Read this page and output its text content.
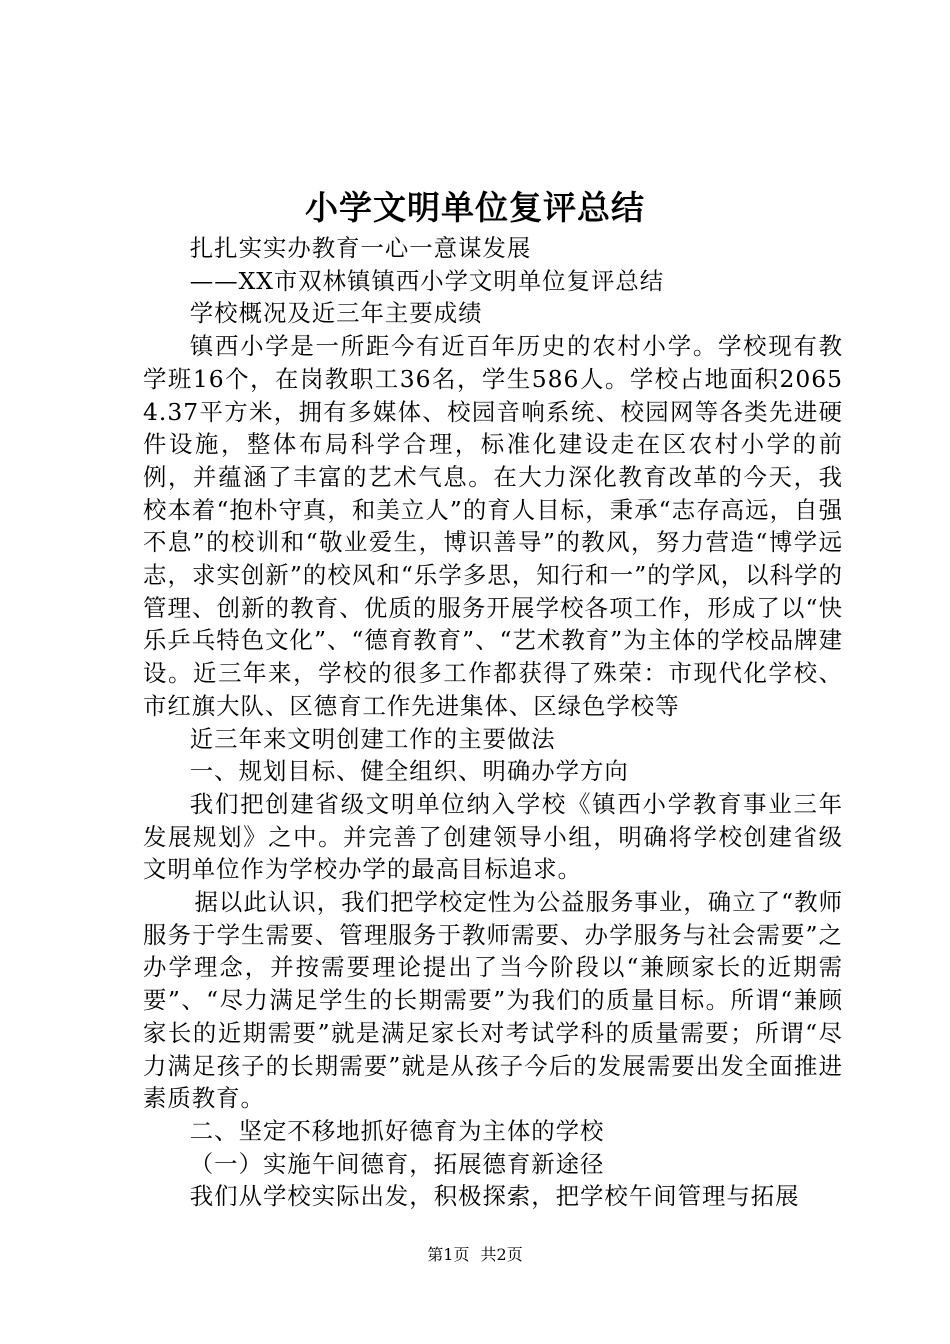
小学文明单位复评总结

扎扎实实办教育一心一意谋发展

——XX市双林镇镇西小学文明单位复评总结

学校概况及近三年主要成绩

镇西小学是一所距今有近百年历史的农村小学。学校现有教学班16个，在岗教职工36名，学生586人。学校占地面积20654.37平方米，拥有多媒体、校园音响系统、校园网等各类先进硬件设施，整体布局科学合理，标准化建设走在区农村小学的前例，并蕴涵了丰富的艺术气息。在大力深化教育改革的今天，我校本着“抱朴守真，和美立人”的育人目标，秉承“志存高远，自强不息”的校训和“敬业爱生，博识善导”的教风，努力营造“博学远志，求实创新”的校风和“乐学多思，知行和一”的学风，以科学的管理、创新的教育、优质的服务开展学校各项工作，形成了以“快乐乒乓特色文化”、“德育教育”、“艺术教育”为主体的学校品牌建设。近三年来，学校的很多工作都获得了殊荣：市现代化学校、市红旗大队、区德育工作先进集体、区绿色学校等

近三年来文明创建工作的主要做法

一、规划目标、健全组织、明确办学方向

我们把创建省级文明单位纳入学校《镇西小学教育事业三年发展规划》之中。并完善了创建领导小组，明确将学校创建省级文明单位作为学校办学的最高目标追求。

据以此认识，我们把学校定性为公益服务事业，确立了“教师服务于学生需要、管理服务于教师需要、办学服务与社会需要”之办学理念，并按需要理论提出了当今阶段以“兼顾家长的近期需要”、“尽力满足学生的长期需要”为我们的质量目标。所谓“兼顾家长的近期需要”就是满足家长对考试学科的质量需要；所谓“尽力满足孩子的长期需要”就是从孩子今后的发展需要出发全面推进素质教育。

二、坚定不移地抓好德育为主体的学校

（一）实施午间德育，拓展德育新途径

我们从学校实际出发，积极探索，把学校午间管理与拓展

第1页 共2页
